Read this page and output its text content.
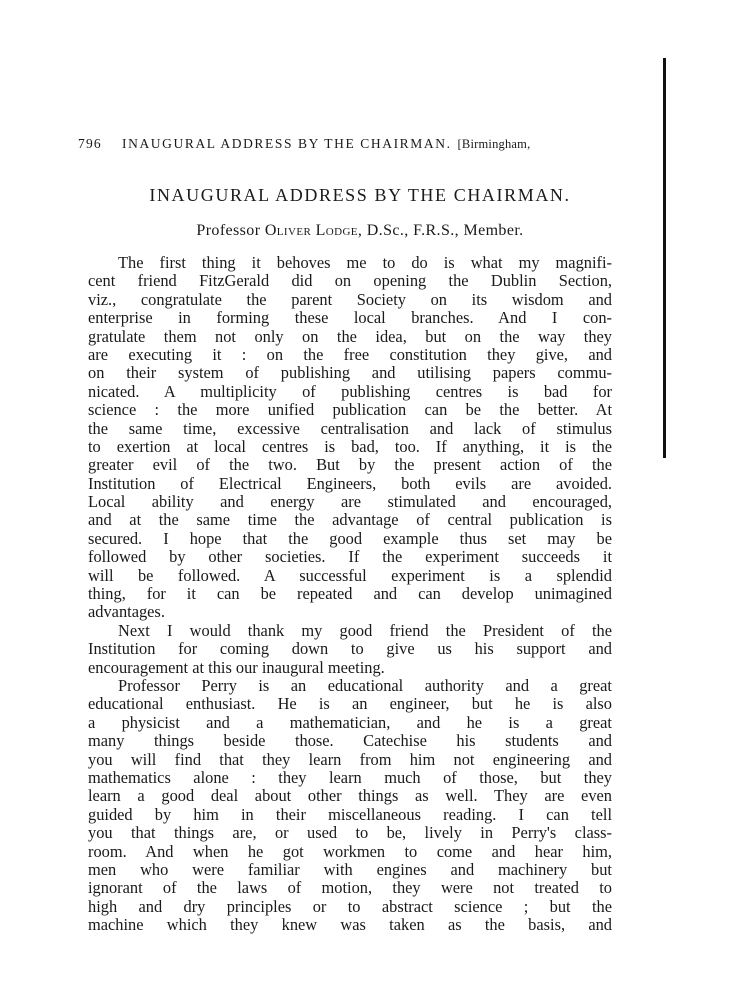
796 INAUGURAL ADDRESS BY THE CHAIRMAN. [Birmingham,
INAUGURAL ADDRESS BY THE CHAIRMAN.
Professor Oliver Lodge, D.Sc., F.R.S., Member.
The first thing it behoves me to do is what my magnifi-
cent friend FitzGerald did on opening the Dublin Section,
viz., congratulate the parent Society on its wisdom and
enterprise in forming these local branches. And I con-
gratulate them not only on the idea, but on the way they
are executing it : on the free constitution they give, and
on their system of publishing and utilising papers commu-
nicated. A multiplicity of publishing centres is bad for
science : the more unified publication can be the better. At
the same time, excessive centralisation and lack of stimulus
to exertion at local centres is bad, too. If anything, it is the
greater evil of the two. But by the present action of the
Institution of Electrical Engineers, both evils are avoided.
Local ability and energy are stimulated and encouraged,
and at the same time the advantage of central publication is
secured. I hope that the good example thus set may be
followed by other societies. If the experiment succeeds it
will be followed. A successful experiment is a splendid
thing, for it can be repeated and can develop unimagined
advantages.
Next I would thank my good friend the President of the
Institution for coming down to give us his support and
encouragement at this our inaugural meeting.
Professor Perry is an educational authority and a great
educational enthusiast. He is an engineer, but he is also
a physicist and a mathematician, and he is a great
many things beside those. Catechise his students and
you will find that they learn from him not engineering and
mathematics alone : they learn much of those, but they
learn a good deal about other things as well. They are even
guided by him in their miscellaneous reading. I can tell
you that things are, or used to be, lively in Perry's class-
room. And when he got workmen to come and hear him,
men who were familiar with engines and machinery but
ignorant of the laws of motion, they were not treated to
high and dry principles or to abstract science ; but the
machine which they knew was taken as the basis, and
